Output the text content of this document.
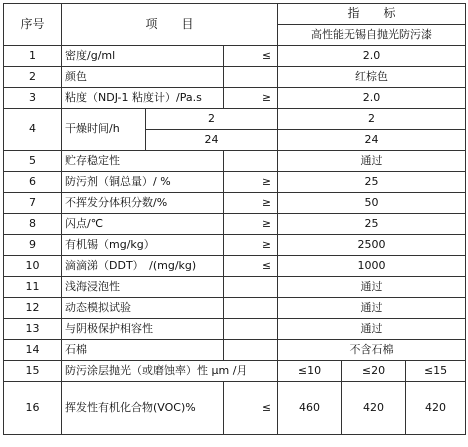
序号	项　　目			指　　标		
				高性能无锡自抛光防污漆		
1	密度/g/ml		≤	2.0		
2	颜色			红棕色		
3	粘度（NDJ-1 粘度计）/Pa.s		≥	2.0		
4	干燥时间/h	2		2		
		24		24		
5	贮存稳定性			通过		
6	防污剂（铜总量）/ %		≥	25		
7	不挥发分体积分数/%		≥	50		
8	闪点/℃		≥	25		
9	有机锡（mg/kg）		≥	2500		
10	滴滴涕（DDT）　/(mg/kg)		≤	1000		
11	浅海浸泡性			通过		
12	动态模拟试验			通过		
13	与阴极保护相容性			通过		
14	石棉			不含石棉		
15	防污涂层抛光（或磨蚀率）性 μm /月			≤10	≤20	≤15
16	挥发性有机化合物(VOC)%		≤	460	420	420
